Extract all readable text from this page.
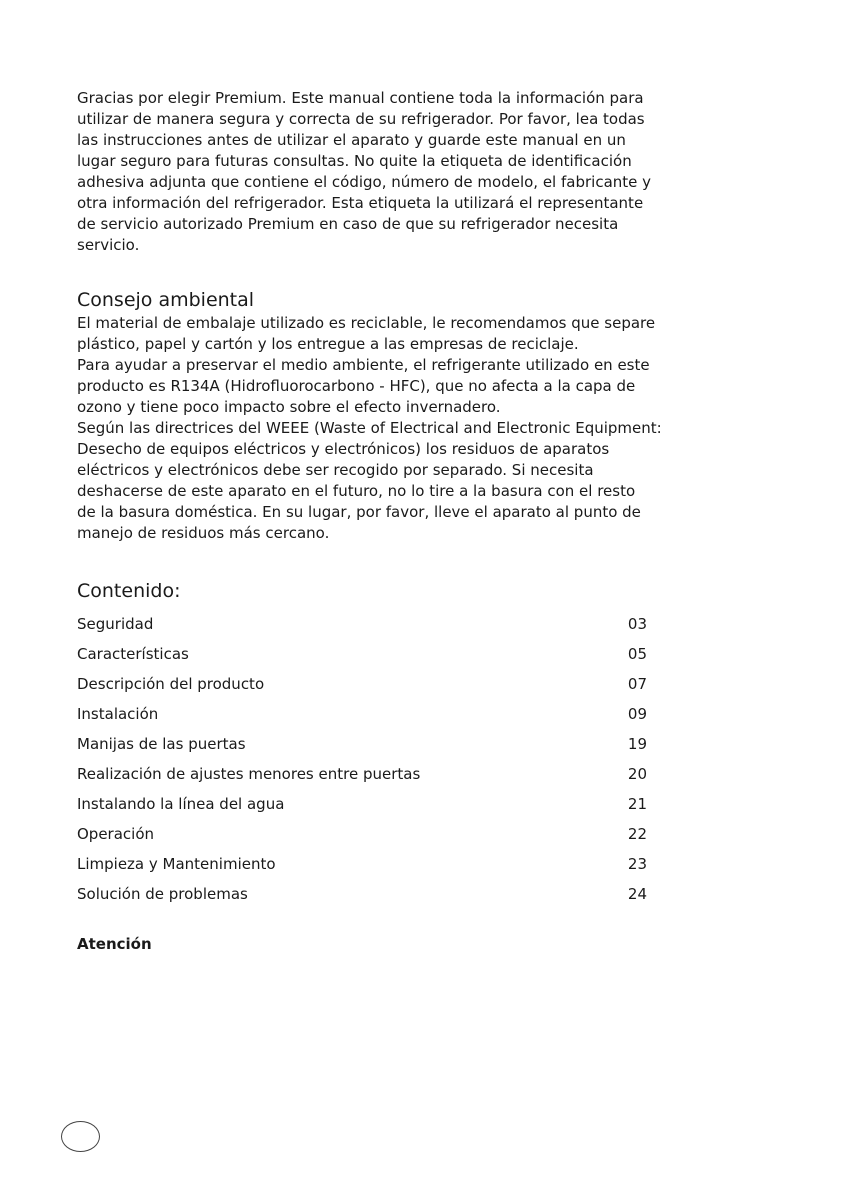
Gracias por elegir Premium. Este manual contiene toda la información para
utilizar de manera segura y correcta de su refrigerador. Por favor, lea todas
las instrucciones antes de utilizar el aparato y guarde este manual en un
lugar seguro para futuras consultas. No quite la etiqueta de identificación
adhesiva adjunta que contiene el código, número de modelo, el fabricante y
otra información del refrigerador. Esta etiqueta la utilizará el representante
de servicio autorizado Premium en caso de que su refrigerador necesita
servicio.

Consejo ambiental

El material de embalaje utilizado es reciclable, le recomendamos que separe
plástico, papel y cartón y los entregue a las empresas de reciclaje.
Para ayudar a preservar el medio ambiente, el refrigerante utilizado en este
producto es R134A (Hidrofluorocarbono - HFC), que no afecta a la capa de
ozono y tiene poco impacto sobre el efecto invernadero.
Según las directrices del WEEE (Waste of Electrical and Electronic Equipment:
Desecho de equipos eléctricos y electrónicos) los residuos de aparatos
eléctricos y electrónicos debe ser recogido por separado. Si necesita
deshacerse de este aparato en el futuro, no lo tire a la basura con el resto
de la basura doméstica. En su lugar, por favor, lleve el aparato al punto de
manejo de residuos más cercano.

Contenido:
Seguridad	03
Características	05
Descripción del producto	07
Instalación	09
Manijas de las puertas	19
Realización de ajustes menores entre puertas	20
Instalando la línea del agua	21
Operación	22
Limpieza y Mantenimiento	23
Solución de problemas	24

Atención
